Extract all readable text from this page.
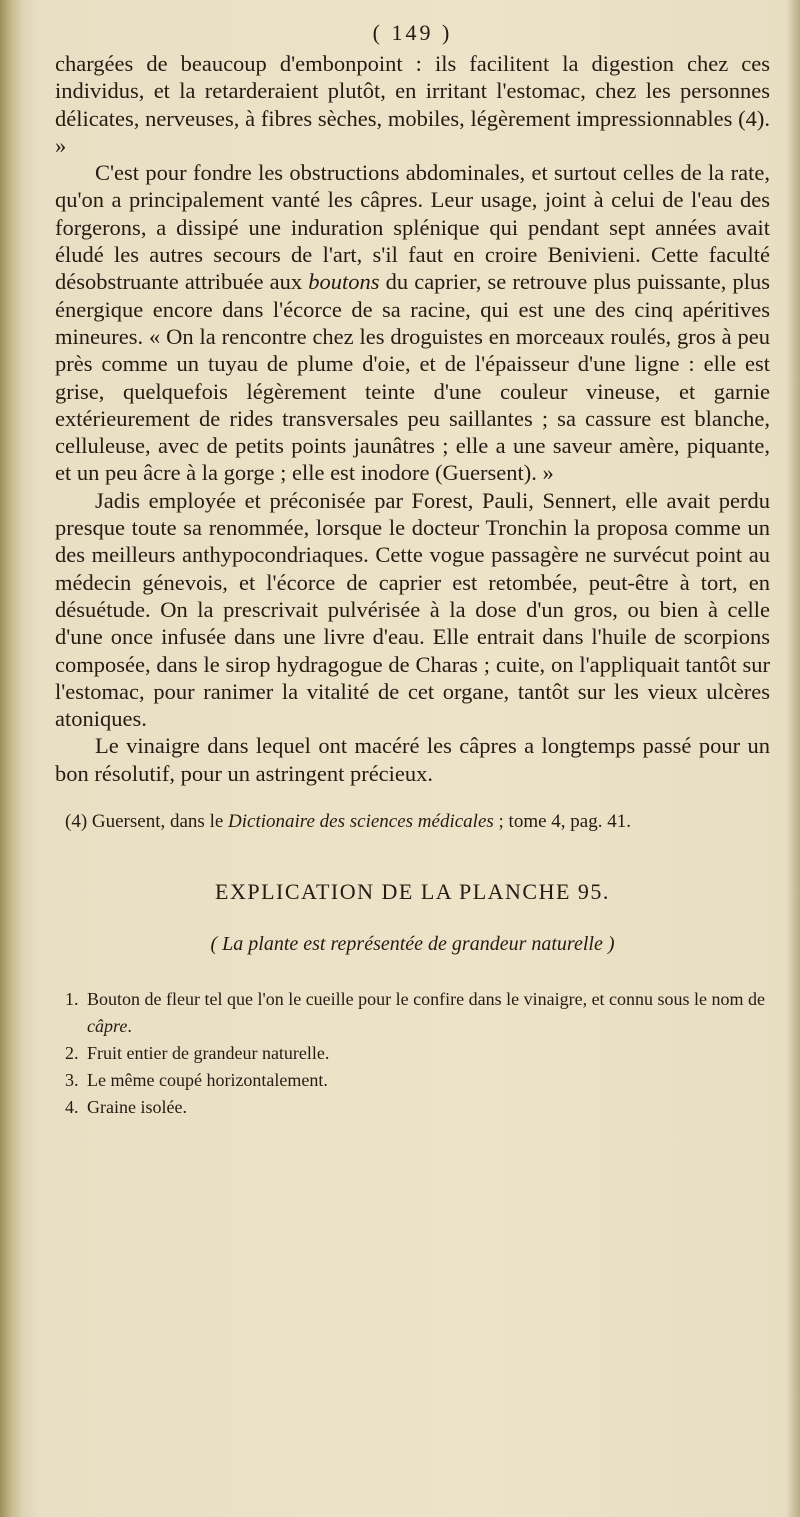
( 149 )

chargées de beaucoup d'embonpoint : ils facilitent la digestion chez ces individus, et la retarderaient plutôt, en irritant l'estomac, chez les personnes délicates, nerveuses, à fibres sèches, mobiles, légèrement impressionnables (4). »

C'est pour fondre les obstructions abdominales, et surtout celles de la rate, qu'on a principalement vanté les câpres. Leur usage, joint à celui de l'eau des forgerons, a dissipé une induration splénique qui pendant sept années avait éludé les autres secours de l'art, s'il faut en croire Benivieni. Cette faculté désobstruante attribuée aux boutons du caprier, se retrouve plus puissante, plus énergique encore dans l'écorce de sa racine, qui est une des cinq apéritives mineures. « On la rencontre chez les droguistes en morceaux roulés, gros à peu près comme un tuyau de plume d'oie, et de l'épaisseur d'une ligne : elle est grise, quelquefois légèrement teinte d'une couleur vineuse, et garnie extérieurement de rides transversales peu saillantes ; sa cassure est blanche, celluleuse, avec de petits points jaunâtres ; elle a une saveur amère, piquante, et un peu âcre à la gorge ; elle est inodore (Guersent). »

Jadis employée et préconisée par Forest, Pauli, Sennert, elle avait perdu presque toute sa renommée, lorsque le docteur Tronchin la proposa comme un des meilleurs anthypocondriaques. Cette vogue passagère ne survécut point au médecin génevois, et l'écorce de caprier est retombée, peut-être à tort, en désuétude. On la prescrivait pulvérisée à la dose d'un gros, ou bien à celle d'une once infusée dans une livre d'eau. Elle entrait dans l'huile de scorpions composée, dans le sirop hydragogue de Charas ; cuite, on l'appliquait tantôt sur l'estomac, pour ranimer la vitalité de cet organe, tantôt sur les vieux ulcères atoniques.

Le vinaigre dans lequel ont macéré les câpres a longtemps passé pour un bon résolutif, pour un astringent précieux.

(4) Guersent, dans le Dictionaire des sciences médicales ; tome 4, pag. 41.
EXPLICATION DE LA PLANCHE 95.
( La plante est représentée de grandeur naturelle )
1. Bouton de fleur tel que l'on le cueille pour le confire dans le vinaigre, et connu sous le nom de câpre.
2. Fruit entier de grandeur naturelle.
3. Le même coupé horizontalement.
4. Graine isolée.
